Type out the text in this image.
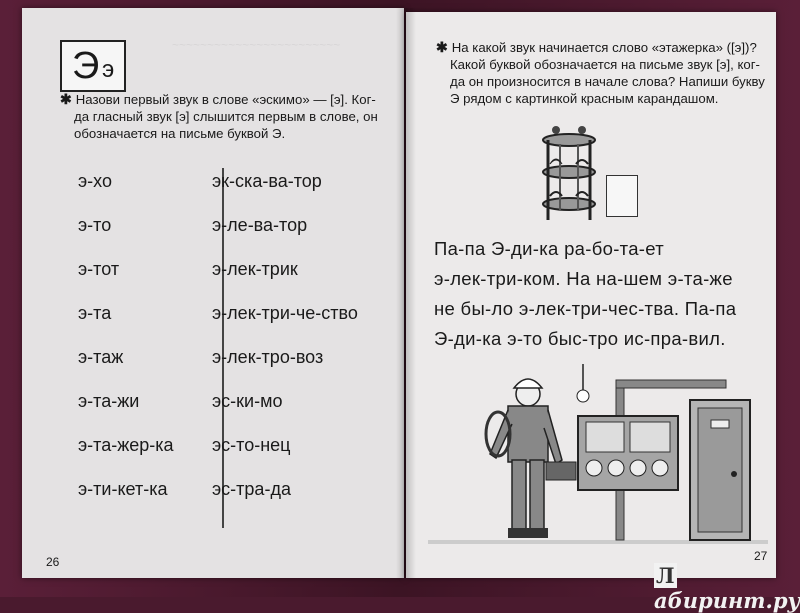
~~~~~~~~~~~~~~~~~~~~~~~~
Э э
✱ Назови первый звук в слове «эскимо» — [э]. Ког-
да гласный звук [э] слышится первым в слове, он
обозначается на письме буквой Э.
э-хо
э-то
э-тот
э-та
э-таж
э-та-жи
э-та-жер-ка
э-ти-кет-ка
эк-ска-ва-тор
э-ле-ва-тор
э-лек-трик
э-лек-три-че-ство
э-лек-тро-воз
эс-ки-мо
эс-то-нец
эс-тра-да
26
✱ На какой звук начинается слово «этажерка» ([э])?
Какой буквой обозначается на письме звук [э], ког-
да он произносится в начале слова? Напиши букву
Э рядом с картинкой красным карандашом.
Па-па Э-ди-ка ра-бо-та-ет
э-лек-три-ком. На на-шем э-та-же
не бы-ло э-лек-три-чес-тва. Па-па
Э-ди-ка э-то быс-тро ис-пра-вил.
27
Лабиринт.ру
